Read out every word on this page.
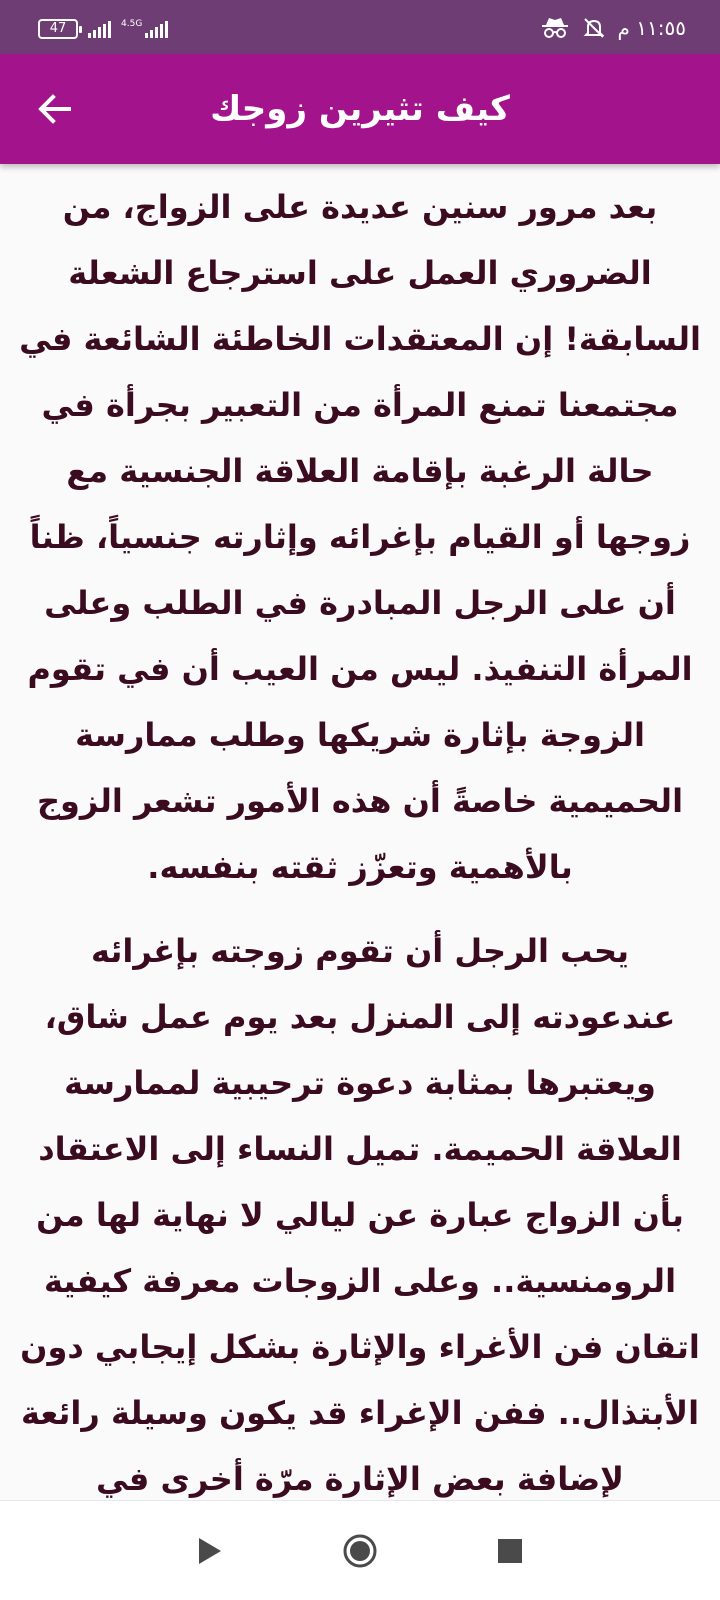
47	4.5G	١١:٥٥ م
كيف تثيرين زوجك

بعد مرور سنين عديدة على الزواج، من الضروري العمل على استرجاع الشعلة السابقة! إن المعتقدات الخاطئة الشائعة في مجتمعنا تمنع المرأة من التعبير بجرأة في حالة الرغبة بإقامة العلاقة الجنسية مع زوجها أو القيام بإغرائه وإثارته جنسياً، ظناً أن على الرجل المبادرة في الطلب وعلى المرأة التنفيذ. ليس من العيب أن في تقوم الزوجة بإثارة شريكها وطلب ممارسة الحميمية خاصةً أن هذه الأمور تشعر الزوج بالأهمية وتعزّز ثقته بنفسه.

يحب الرجل أن تقوم زوجته بإغرائه عندعودته إلى المنزل بعد يوم عمل شاق، ويعتبرها بمثابة دعوة ترحيبية لممارسة العلاقة الحميمة. تميل النساء إلى الاعتقاد بأن الزواج عبارة عن ليالي لا نهاية لها من الرومنسية.. وعلى الزوجات معرفة كيفية اتقان فن الأغراء والإثارة بشكل إيجابي دون الأبتذال.. ففن الإغراء قد يكون وسيلة رائعة لإضافة بعض الإثارة مرّة أخرى في
